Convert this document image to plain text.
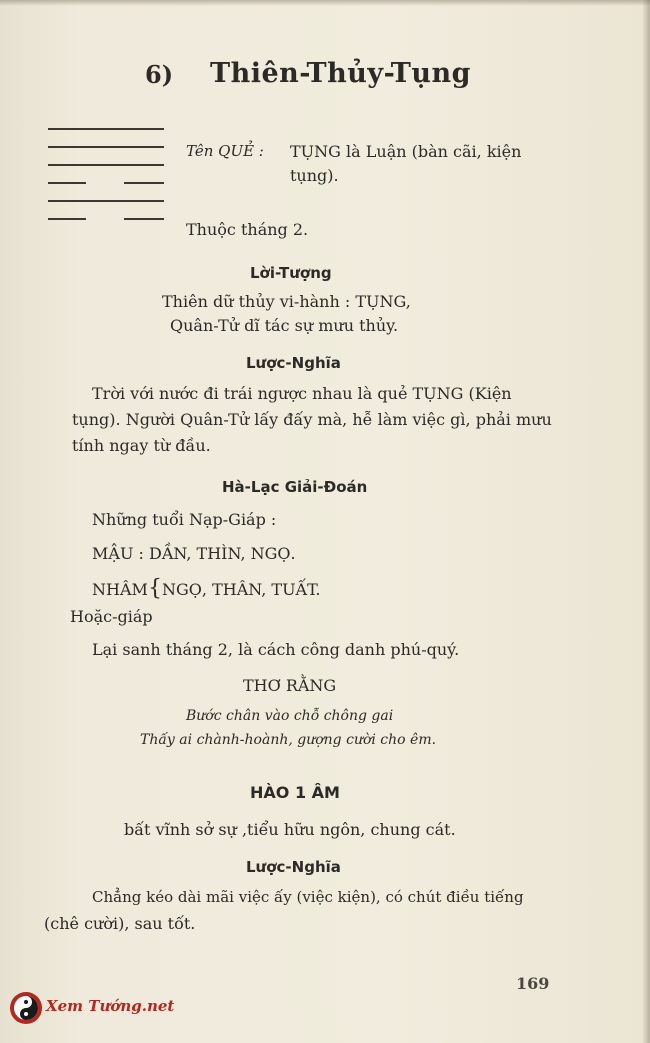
6) Thiên-Thủy-Tụng
Tên QUẺ : TỤNG là Luận (bàn cãi, kiện
tụng).
Thuộc tháng 2.
Lời-Tượng
Thiên dữ thủy vi-hành : TỤNG,
Quân-Tử dĩ tác sự mưu thủy.
Lược-Nghĩa
Trời với nước đi trái ngược nhau là quẻ TỤNG (Kiện
tụng). Người Quân-Tử lấy đấy mà, hễ làm việc gì, phải mưu
tính ngay từ đầu.
Hà-Lạc Giải-Đoán
Những tuổi Nạp-Giáp :
MẬU : DẦN, THÌN, NGỌ.
NHÂM { NGỌ, THÂN, TUẤT.
Hoặc-giáp
Lại sanh tháng 2, là cách công danh phú-quý.
THƠ RẰNG
Bước chân vào chỗ chông gai
Thấy ai chành-hoành, gượng cười cho êm.
HÀO 1 ÂM
bất vĩnh sở sự ,tiểu hữu ngôn, chung cát.
Lược-Nghĩa
Chẳng kéo dài mãi việc ấy (việc kiện), có chút điều tiếng
(chê cười), sau tốt.
169
Xem Tướng.net
